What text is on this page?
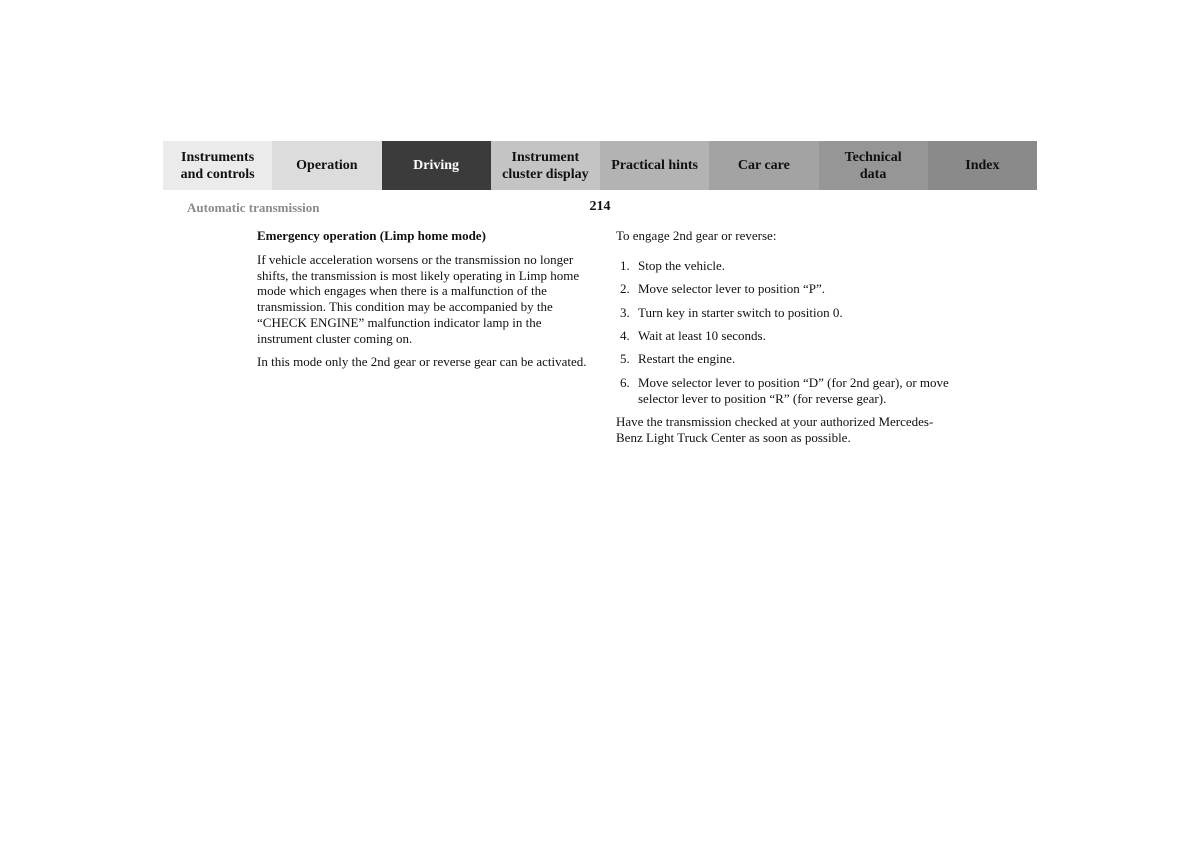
Instruments
and controls
Operation	Driving
Instrument
cluster display
Practical hints	Car care
Technical
data
Index
Automatic transmission	214
Emergency operation (Limp home mode)

If vehicle acceleration worsens or the transmission no longer shifts, the transmission is most likely operating in Limp home mode which engages when there is a malfunction of the transmission. This condition may be accompanied by the “CHECK ENGINE” malfunction indicator lamp in the instrument cluster coming on.

In this mode only the 2nd gear or reverse gear can be activated.

To engage 2nd gear or reverse:

1. Stop the vehicle.
2. Move selector lever to position “P”.
3. Turn key in starter switch to position 0.
4. Wait at least 10 seconds.
5. Restart the engine.
6. Move selector lever to position “D” (for 2nd gear), or move selector lever to position “R” (for reverse gear).

Have the transmission checked at your authorized Mercedes-Benz Light Truck Center as soon as possible.
